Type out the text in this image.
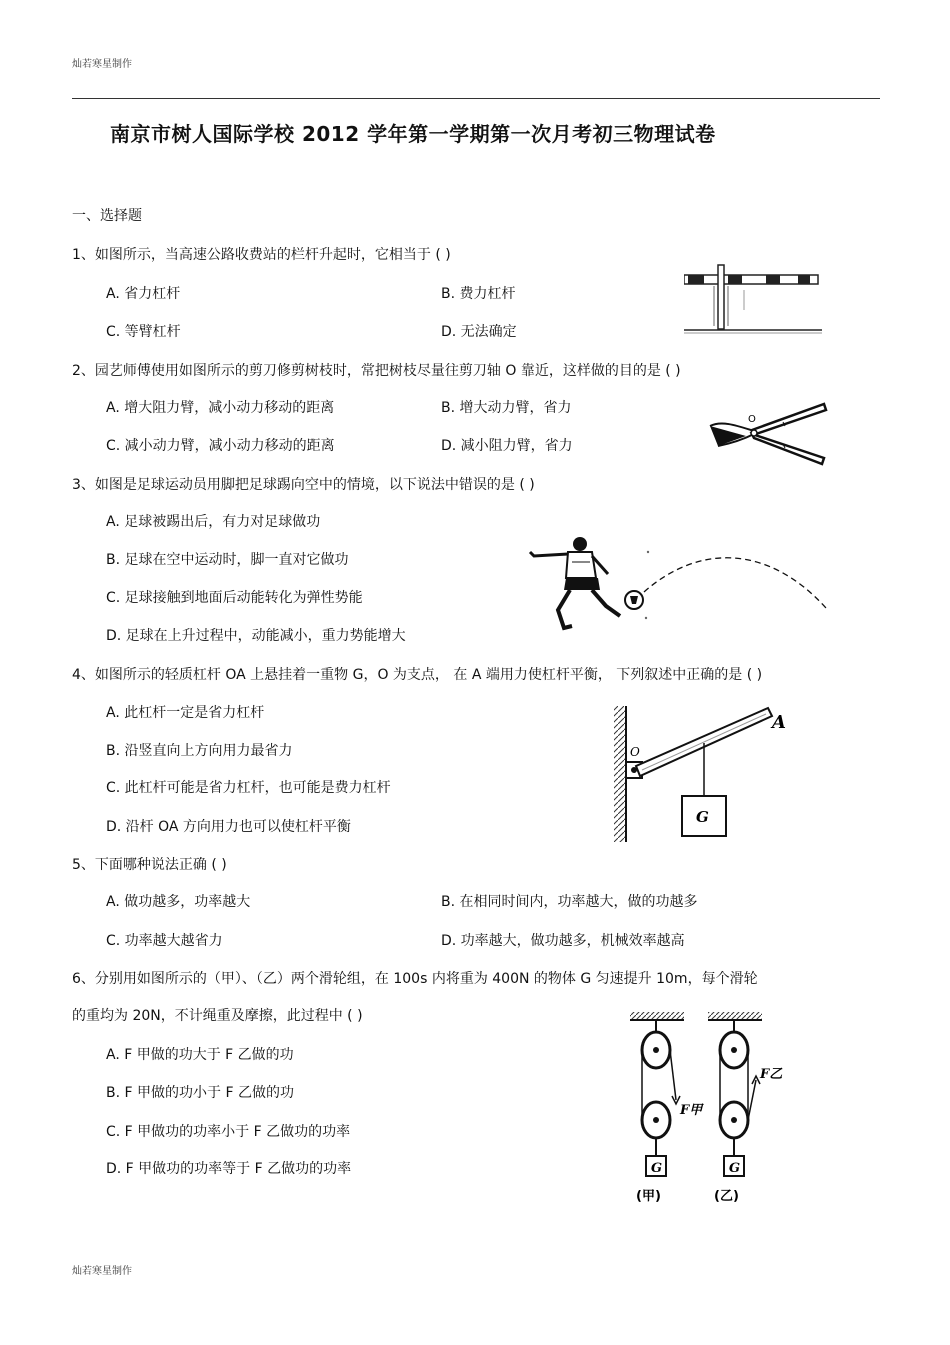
灿若寒星制作
南京市树人国际学校 2012 学年第一学期第一次月考初三物理试卷
一、选择题
1、如图所示，当高速公路收费站的栏杆升起时，它相当于 ( )
A. 省力杠杆	B. 费力杠杆
C. 等臂杠杆	D. 无法确定
2、园艺师傅使用如图所示的剪刀修剪树枝时，常把树枝尽量往剪刀轴 O 靠近，这样做的目的是 ( )
A. 增大阻力臂，减小动力移动的距离	B. 增大动力臂，省力
C. 减小动力臂，减小动力移动的距离	D. 减小阻力臂，省力
O
3、如图是足球运动员用脚把足球踢向空中的情境，以下说法中错误的是 ( )
A. 足球被踢出后，有力对足球做功
B. 足球在空中运动时，脚一直对它做功
C. 足球接触到地面后动能转化为弹性势能
D. 足球在上升过程中，动能减小，重力势能增大
4、如图所示的轻质杠杆 OA 上悬挂着一重物 G，O 为支点， 在 A 端用力使杠杆平衡， 下列叙述中正确的是 ( )
A. 此杠杆一定是省力杠杆
B. 沿竖直向上方向用力最省力
C. 此杠杆可能是省力杠杆，也可能是费力杠杆
D. 沿杆 OA 方向用力也可以使杠杆平衡
A
O
G
5、下面哪种说法正确 ( )
A. 做功越多，功率越大	B. 在相同时间内，功率越大，做的功越多
C. 功率越大越省力	D. 功率越大，做功越多，机械效率越高
6、分别用如图所示的（甲）、（乙）两个滑轮组，在 100s 内将重为 400N 的物体 G 匀速提升 10m，每个滑轮
的重均为 20N，不计绳重及摩擦，此过程中 ( )
A. F 甲做的功大于 F 乙做的功
B. F 甲做的功小于 F 乙做的功
C. F 甲做功的功率小于 F 乙做功的功率
D. F 甲做功的功率等于 F 乙做功的功率	G
F甲
(甲)
G
F乙
(乙)
灿若寒星制作
